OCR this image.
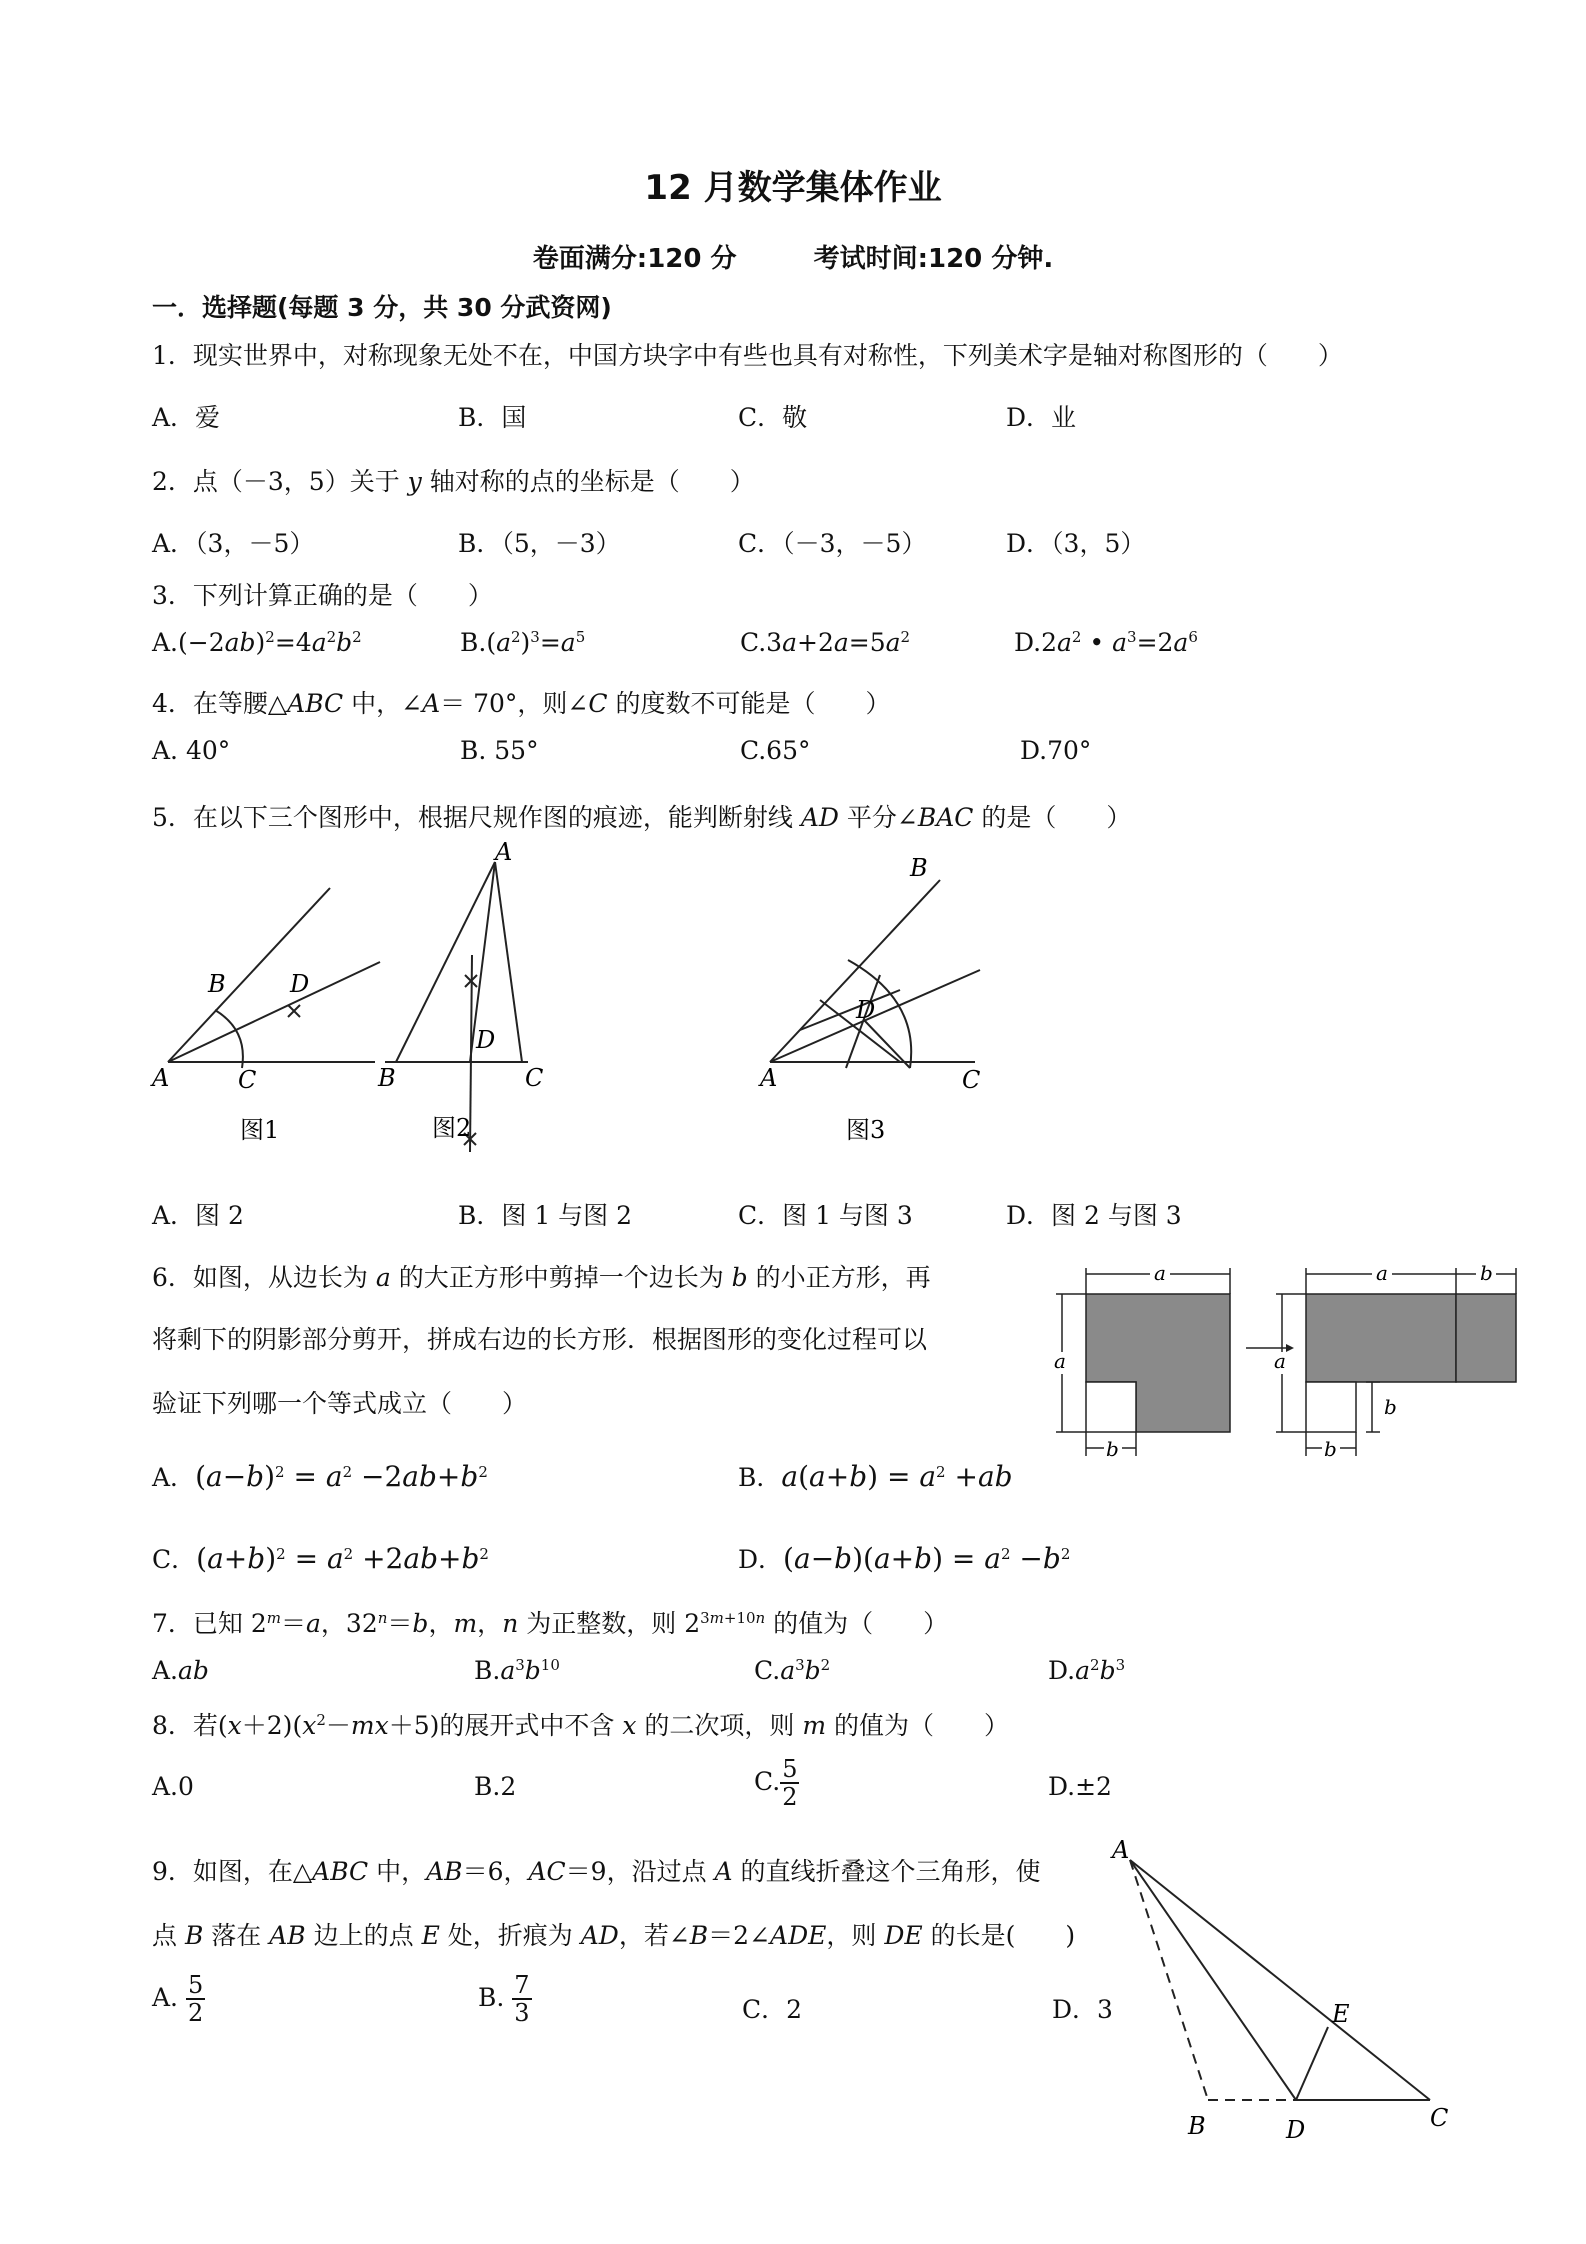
12 月数学集体作业
卷面满分:120 分	考试时间:120 分钟.
一．选择题(每题 3 分，共 30 分武资网)
1．现实世界中，对称现象无处不在，中国方块字中有些也具有对称性，下列美术字是轴对称图形的（　　）
A．爱	B．国	C．敬	D．业
2．点（－3，5）关于 y 轴对称的点的坐标是（　　）
A．（3，－5）	B．（5，－3）	C．（－3，－5）	D．（3，5）
3．下列计算正确的是（　　）
$A.(-2ab)^2=4a^2b^2$	$B.(a^2)^3=a^5$	$C.3a+2a=5a^2$	$D.2a^2$ • $a^3=2a^6$
4．在等腰△ABC 中，∠A＝ 70°，则∠C 的度数不可能是（　　）
A. 40°	B. 55°	C.65°	D.70°
5．在以下三个图形中，根据尺规作图的痕迹，能判断射线 AD 平分∠BAC 的是（　　）
B	D
A	C
图1
A
D
B	C
图2
B
D
A	C
图3
A．图 2	B．图 1 与图 2	C．图 1 与图 3	D．图 2 与图 3
6．如图，从边长为 a 的大正方形中剪掉一个边长为 b 的小正方形，再
将剩下的阴影部分剪开，拼成右边的长方形．根据图形的变化过程可以
验证下列哪一个等式成立（　　）
a
a
b
a	b
a
b
b
A．$(a-b)^2 = a^2 -2ab+b^2$	B．$a(a+b) = a^2 +ab$
C．$(a+b)^2 = a^2 +2ab+b^2$	D．$(a-b)(a+b) = a^2 -b^2$
7．已知 $2^m=a$，$32^n=b$，m，n 为正整数，则 $2^{3m+10n}$ 的值为（　　）
A.ab	$B.a^3b^{10}$	$C.a^3b^2$	$D.a^2b^3$
8．若$(x+2)(x^2-mx+5)$的展开式中不含 x 的二次项，则 m 的值为（　　）
A.0	B.2	C. $\frac{5}{2}$	D.±2
9．如图，在△ABC 中，AB＝6，AC＝9，沿过点 A 的直线折叠这个三角形，使
点 B 落在 AB 边上的点 E 处，折痕为 AD，若∠B＝2∠ADE，则 DE 的长是(　　)
A. $\frac{5}{2}$	B. $\frac{7}{3}$	C．2	D．3
A
E
B	D	C
